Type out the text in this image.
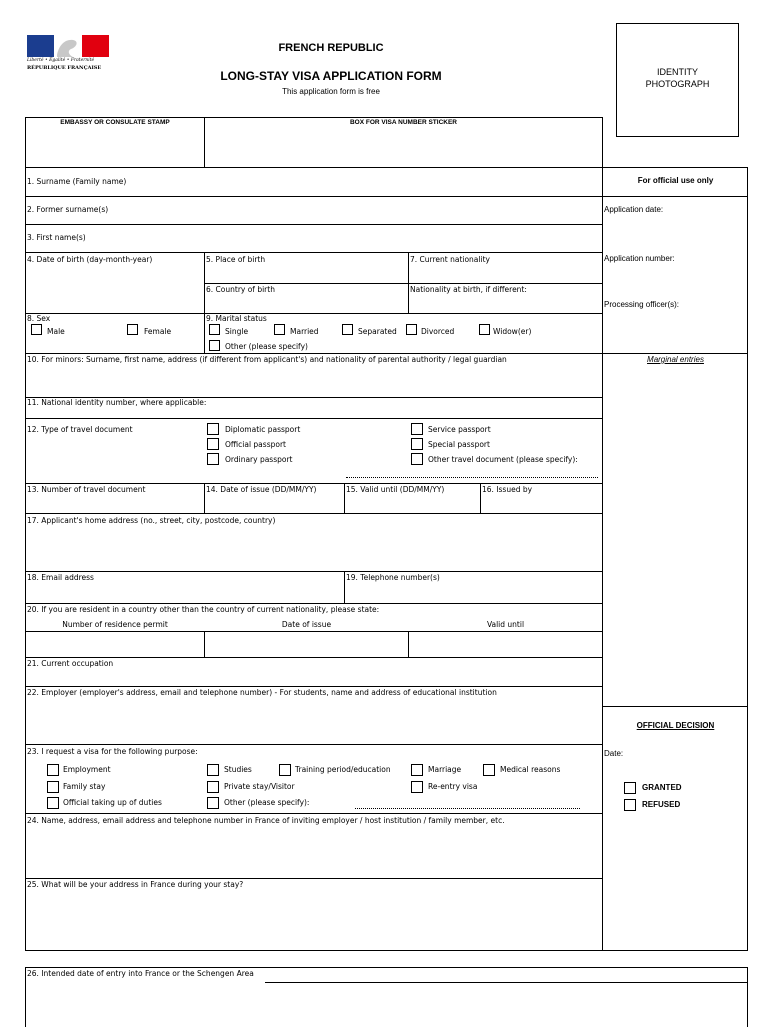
Liberté • Égalité • Fraternité
RÉPUBLIQUE FRANÇAISE
FRENCH REPUBLIC
LONG-STAY VISA APPLICATION FORM
This application form is free
IDENTITY
PHOTOGRAPH
EMBASSY OR CONSULATE STAMP	BOX FOR VISA NUMBER STICKER
For official use only
Application date:
Application number:
Processing officer(s):
Marginal entries
OFFICIAL DECISION
Date:
GRANTED
REFUSED
1. Surname (Family name)
2. Former surname(s)
3. First name(s)
4. Date of birth (day-month-year)	5. Place of birth
6. Country of birth
7. Current nationality
Nationality at birth, if different:
8. Sex
Male	Female
9. Marital status
Single	Married	Separated	Divorced	Widow(er)
Other (please specify)
10. For minors: Surname, first name, address (if different from applicant's) and nationality of parental authority / legal guardian
11. National identity number, where applicable:
12. Type of travel document	Diplomatic passport
Official passport
Ordinary passport
Service passport
Special passport
Other travel document (please specify):
13. Number of travel document	14. Date of issue (DD/MM/YY)	15. Valid until (DD/MM/YY)	16. Issued by
17. Applicant's home address (no., street, city, postcode, country)
18. Email address	19. Telephone number(s)
20. If you are resident in a country other than the country of current nationality, please state:
Number of residence permit	Date of issue	Valid until
21. Current occupation
22. Employer (employer's address, email and telephone number) - For students, name and address of educational institution
23. I request a visa for the following purpose:
Employment
Family stay
Official taking up of duties
Studies
Private stay/Visitor
Other (please specify):
Training period/education	Marriage
Re-entry visa
Medical reasons
24. Name, address, email address and telephone number in France of inviting employer / host institution / family member, etc.
25. What will be your address in France during your stay?
26. Intended date of entry into France or the Schengen Area
